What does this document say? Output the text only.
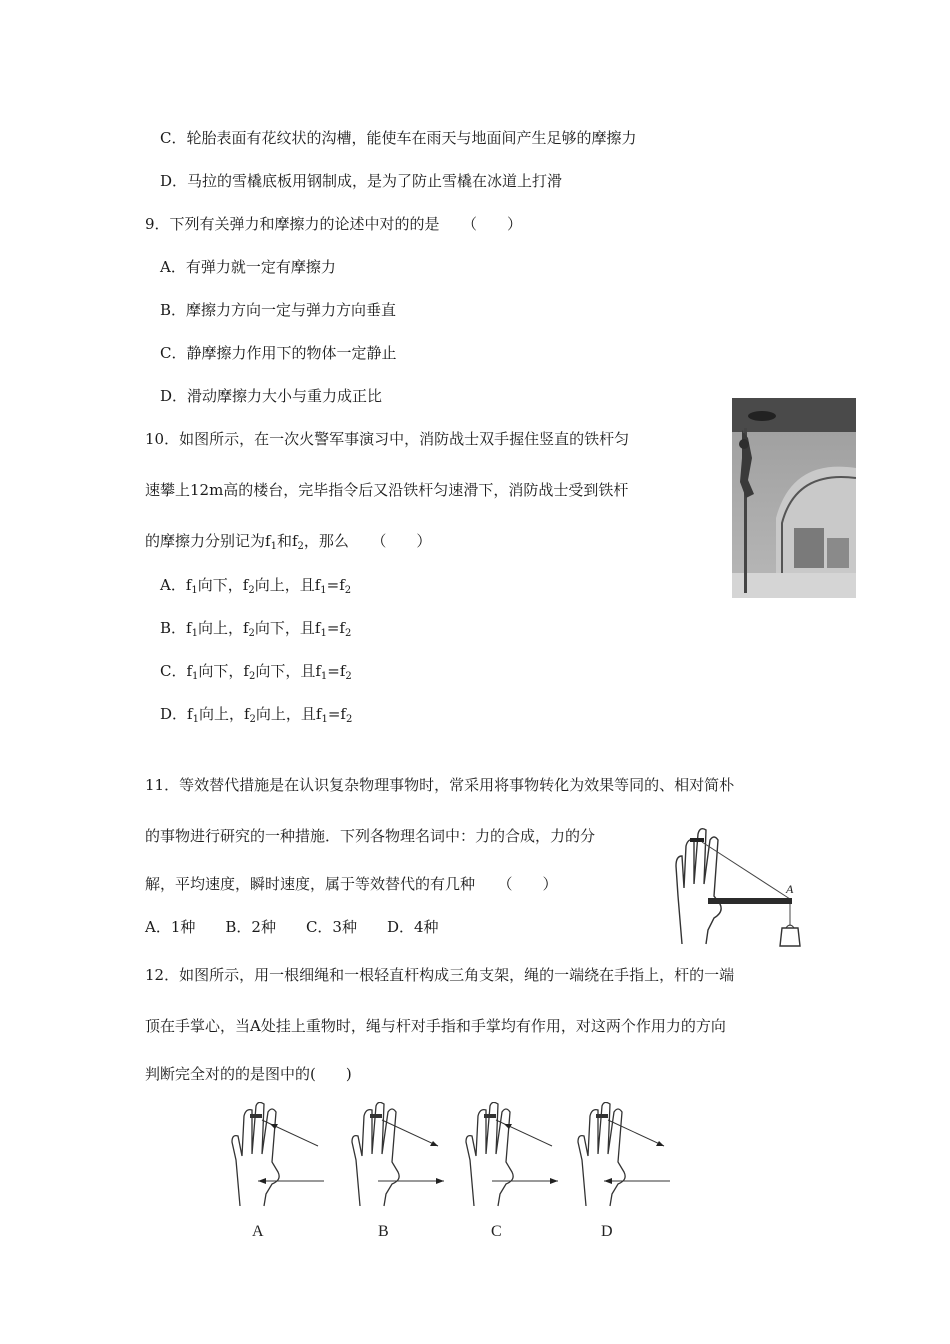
C．轮胎表面有花纹状的沟槽，能使车在雨天与地面间产生足够的摩擦力
D．马拉的雪橇底板用钢制成，是为了防止雪橇在冰道上打滑
9．下列有关弹力和摩擦力的论述中对的的是　　（　　）
A．有弹力就一定有摩擦力
B．摩擦力方向一定与弹力方向垂直
C．静摩擦力作用下的物体一定静止
D．滑动摩擦力大小与重力成正比
10．如图所示，在一次火警军事演习中，消防战士双手握住竖直的铁杆匀
速攀上12m高的楼台，完毕指令后又沿铁杆匀速滑下，消防战士受到铁杆
的摩擦力分别记为$f_1$和$f_2$，那么　　（　　）
A．$f_1$向下，$f_2$向上，且$f_1=f_2$
B．$f_1$向上，$f_2$向下，且$f_1=f_2$
C．$f_1$向下，$f_2$向下，且$f_1=f_2$
D．$f_1$向上，$f_2$向上，且$f_1=f_2$
11．等效替代措施是在认识复杂物理事物时，常采用将事物转化为效果等同的、相对简朴
的事物进行研究的一种措施．下列各物理名词中：力的合成，力的分
解，平均速度，瞬时速度，属于等效替代的有几种　　（　　）
A．1种　　B．2种　　C．3种　　D．4种
A
12．如图所示，用一根细绳和一根轻直杆构成三角支架，绳的一端绕在手指上，杆的一端
顶在手掌心，当A处挂上重物时，绳与杆对手指和手掌均有作用，对这两个作用力的方向
判断完全对的的是图中的(　　)
A	B	C	D
